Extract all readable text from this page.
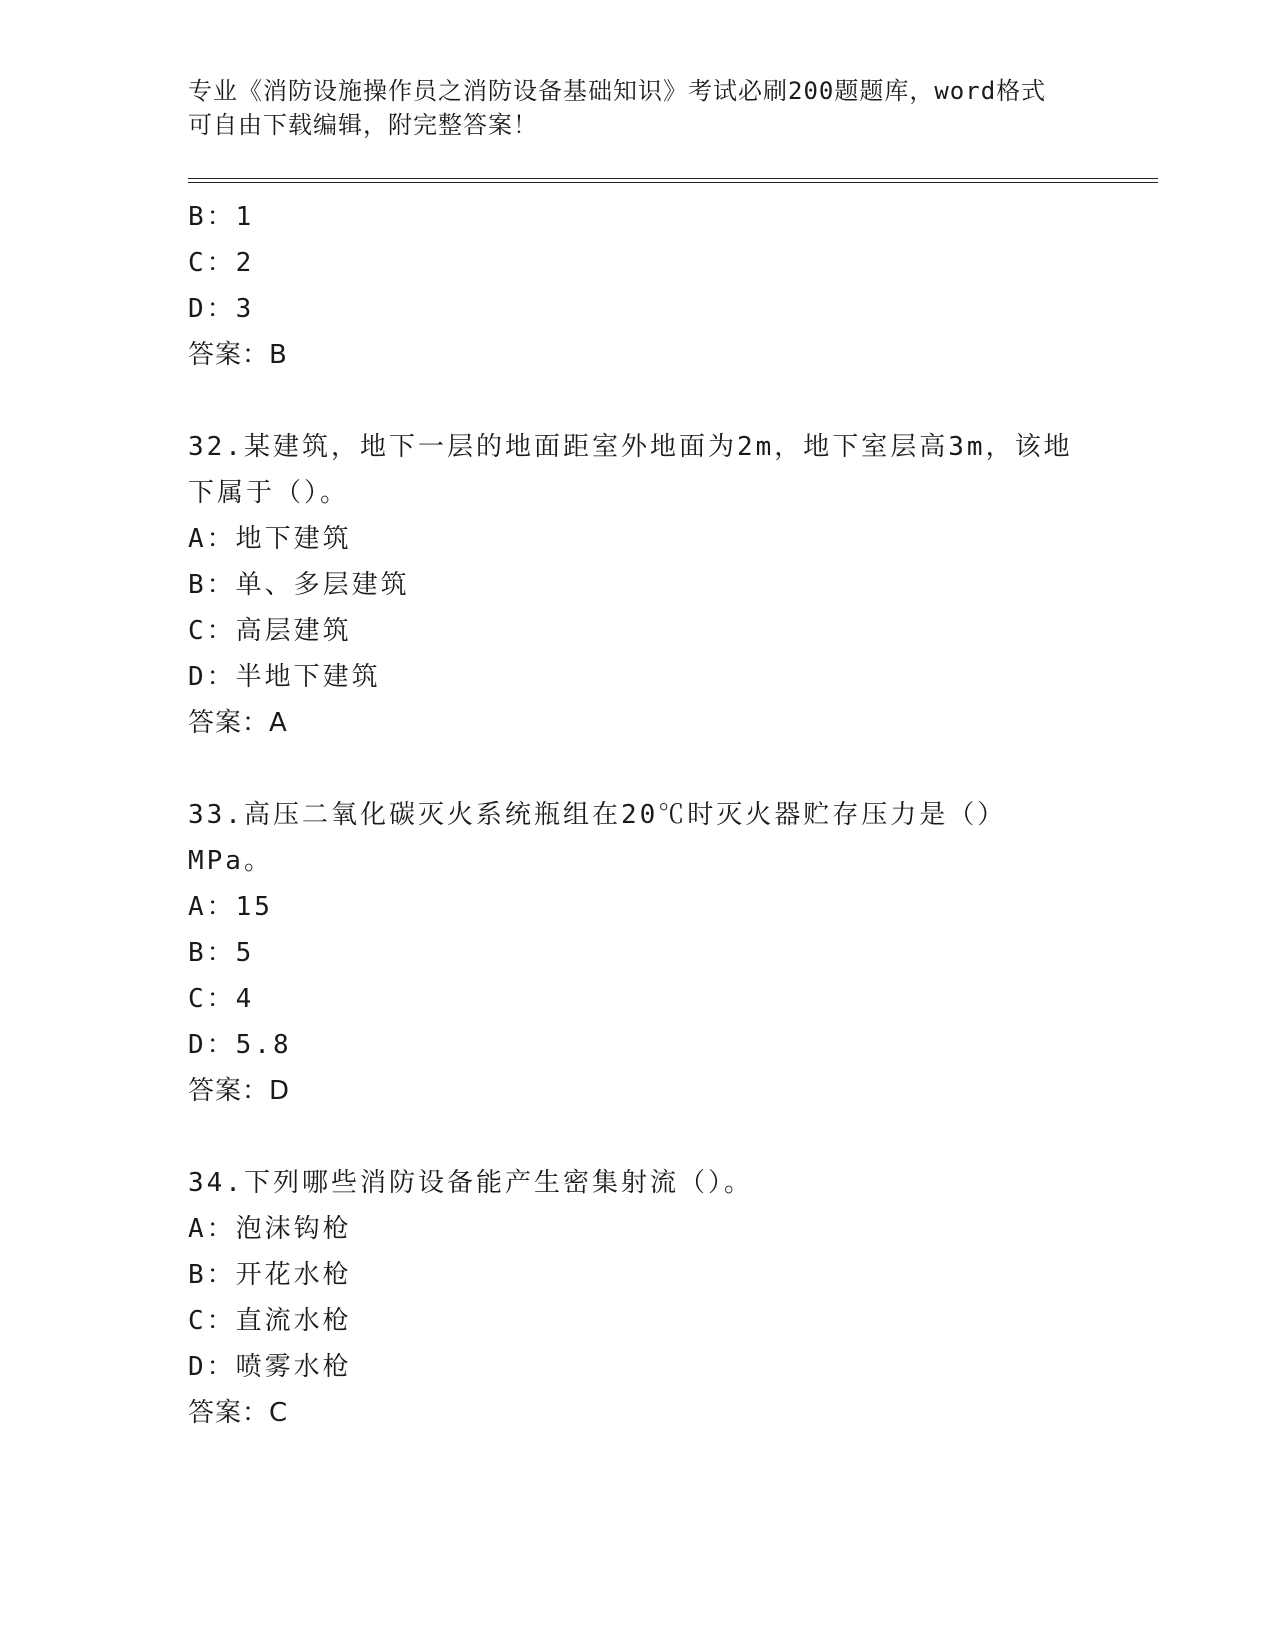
专业《消防设施操作员之消防设备基础知识》考试必刷200题题库，word格式可自由下载编辑，附完整答案！

B：1

C：2

D：3

答案：B

32.某建筑，地下一层的地面距室外地面为2m，地下室层高3m，该地下属于（）。

A：地下建筑

B：单、多层建筑

C：高层建筑

D：半地下建筑

答案：A

33.高压二氧化碳灭火系统瓶组在20℃时灭火器贮存压力是（）MPa。

A：15

B：5

C：4

D：5.8

答案：D

34.下列哪些消防设备能产生密集射流（）。

A：泡沫钩枪

B：开花水枪

C：直流水枪

D：喷雾水枪

答案：C
